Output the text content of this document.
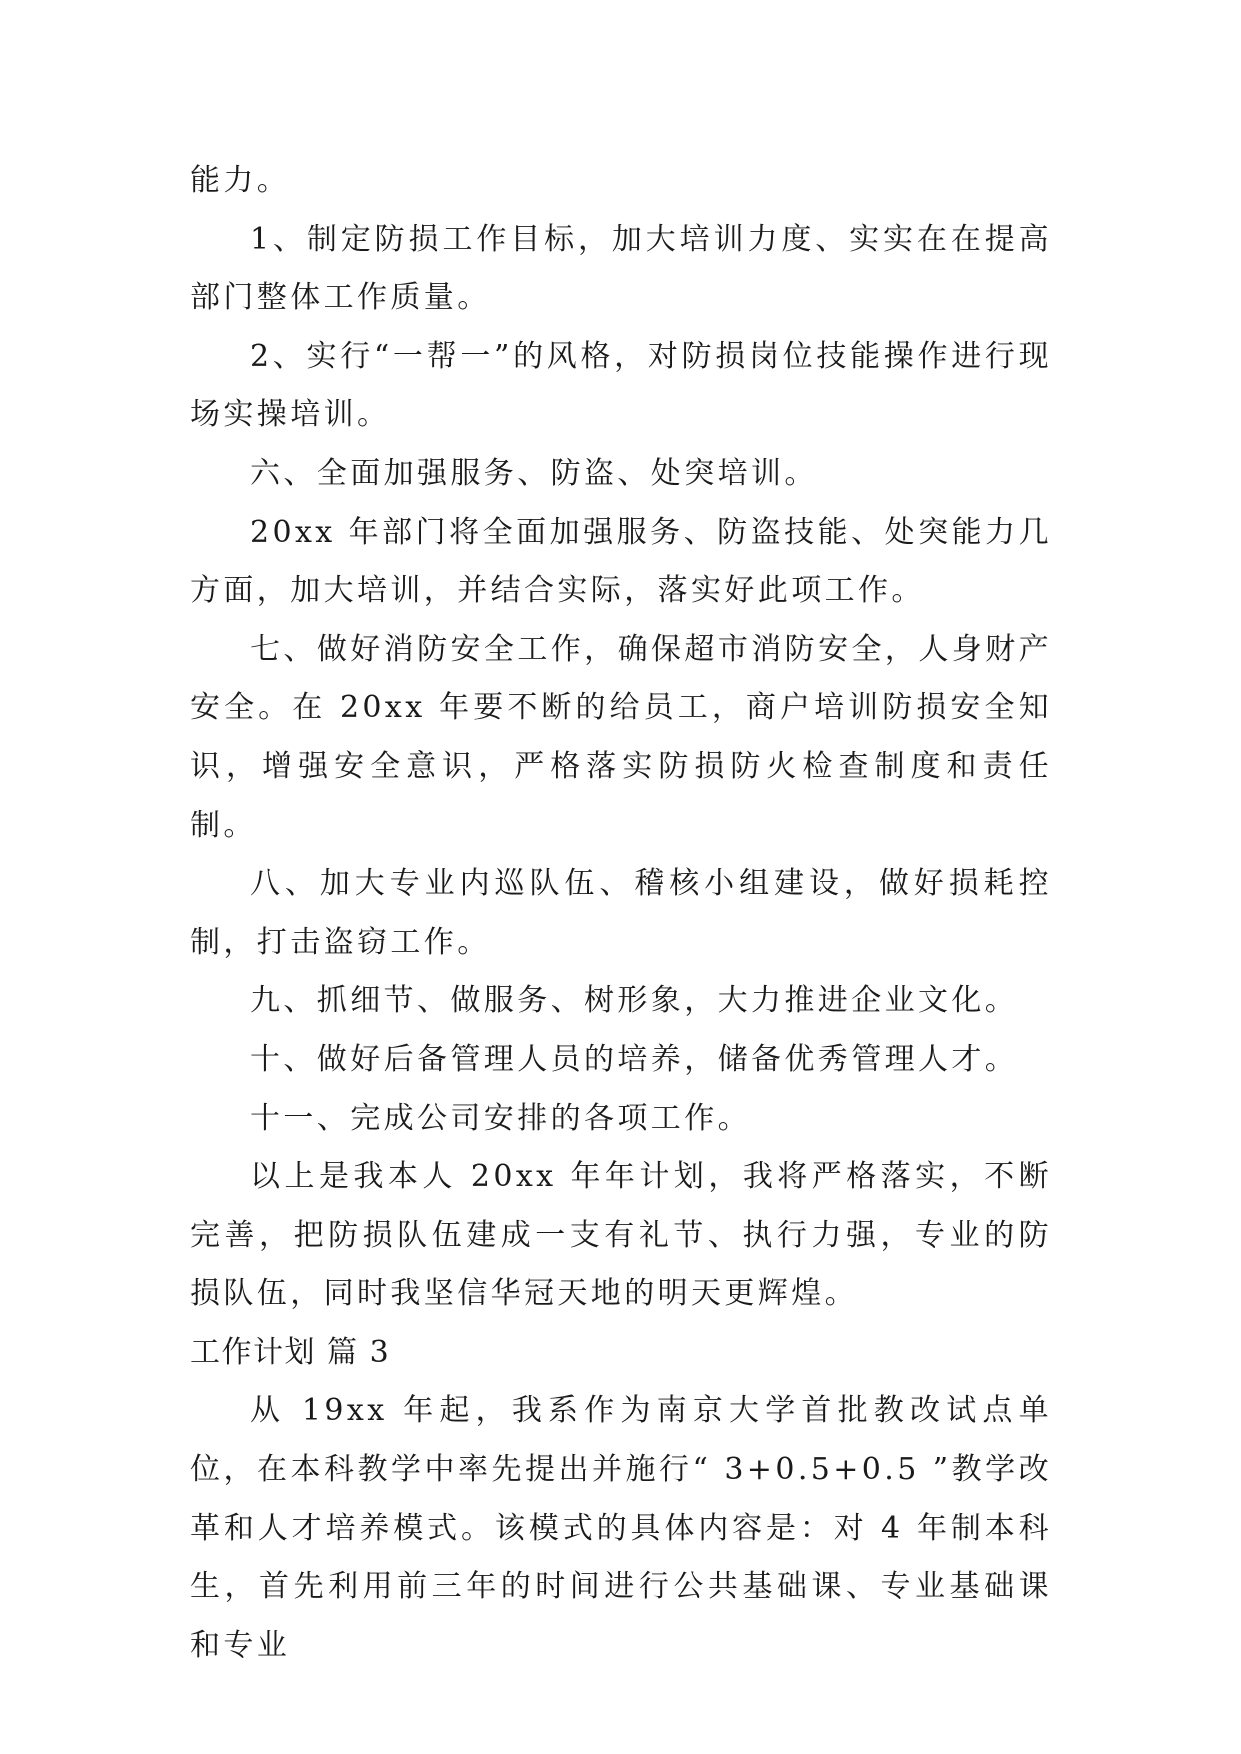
能力。

1、制定防损工作目标，加大培训力度、实实在在提高部门整体工作质量。

2、实行“一帮一”的风格，对防损岗位技能操作进行现场实操培训。

六、全面加强服务、防盗、处突培训。

20xx 年部门将全面加强服务、防盗技能、处突能力几方面，加大培训，并结合实际，落实好此项工作。

七、做好消防安全工作，确保超市消防安全，人身财产安全。在 20xx 年要不断的给员工，商户培训防损安全知识，增强安全意识，严格落实防损防火检查制度和责任制。

八、加大专业内巡队伍、稽核小组建设，做好损耗控制，打击盗窃工作。

九、抓细节、做服务、树形象，大力推进企业文化。

十、做好后备管理人员的培养，储备优秀管理人才。

十一、完成公司安排的各项工作。

以上是我本人 20xx 年年计划，我将严格落实，不断完善，把防损队伍建成一支有礼节、执行力强，专业的防损队伍，同时我坚信华冠天地的明天更辉煌。

工作计划 篇 3

从 19xx 年起，我系作为南京大学首批教改试点单位，在本科教学中率先提出并施行“ 3+0.5+0.5 ”教学改革和人才培养模式。该模式的具体内容是：对 4 年制本科生，首先利用前三年的时间进行公共基础课、专业基础课和专业
